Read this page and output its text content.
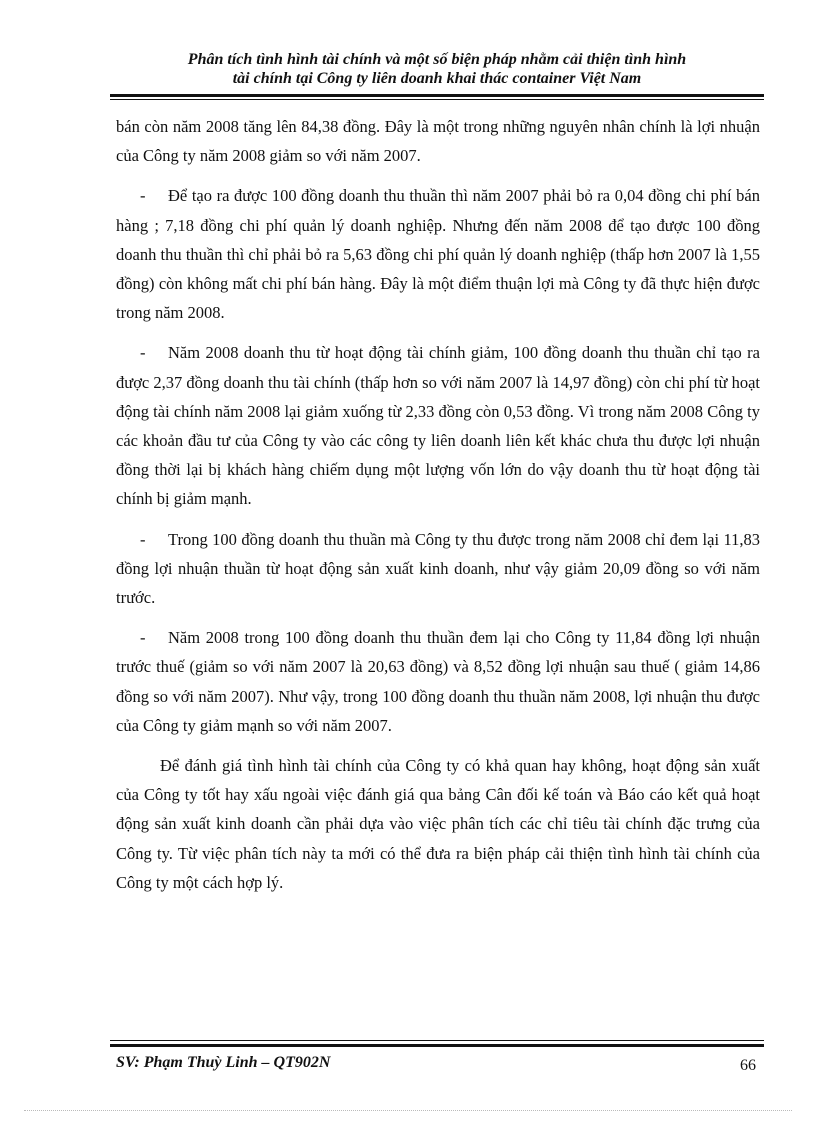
Phân tích tình hình tài chính và một số biện pháp nhằm cải thiện tình hình
tài chính tại Công ty liên doanh khai thác container Việt Nam

bán còn năm 2008 tăng lên 84,38 đồng. Đây là một trong những nguyên nhân chính là lợi nhuận của Công ty năm 2008 giảm so với năm 2007.

- Để tạo ra được 100 đồng doanh thu thuần thì năm 2007 phải bỏ ra 0,04 đồng chi phí bán hàng ; 7,18 đồng chi phí quản lý doanh nghiệp. Nhưng đến năm 2008 để tạo được 100 đồng doanh thu thuần thì chỉ phải bỏ ra 5,63 đồng chi phí quản lý doanh nghiệp (thấp hơn 2007 là 1,55 đồng) còn không mất chi phí bán hàng. Đây là một điểm thuận lợi mà Công ty đã thực hiện được trong năm 2008.

- Năm 2008 doanh thu từ hoạt động tài chính giảm, 100 đồng doanh thu thuần chỉ tạo ra được 2,37 đồng doanh thu tài chính (thấp hơn so với năm 2007 là 14,97 đồng) còn chi phí từ hoạt động tài chính năm 2008 lại giảm xuống từ 2,33 đồng còn 0,53 đồng. Vì trong năm 2008 Công ty các khoản đầu tư của Công ty vào các công ty liên doanh liên kết khác chưa thu được lợi nhuận đồng thời lại bị khách hàng chiếm dụng một lượng vốn lớn do vậy doanh thu từ hoạt động tài chính bị giảm mạnh.

- Trong 100 đồng doanh thu thuần mà Công ty thu được trong năm 2008 chỉ đem lại 11,83 đồng lợi nhuận thuần từ hoạt động sản xuất kinh doanh, như vậy giảm 20,09 đồng so với năm trước.

- Năm 2008 trong 100 đồng doanh thu thuần đem lại cho Công ty 11,84 đồng lợi nhuận trước thuế (giảm so với năm 2007 là 20,63 đồng) và 8,52 đồng lợi nhuận sau thuế ( giảm 14,86 đồng so với năm 2007). Như vậy, trong 100 đồng doanh thu thuần năm 2008, lợi nhuận thu được của Công ty giảm mạnh so với năm 2007.

Để đánh giá tình hình tài chính của Công ty có khả quan hay không, hoạt động sản xuất của Công ty tốt hay xấu ngoài việc đánh giá qua bảng Cân đối kế toán và Báo cáo kết quả hoạt động sản xuất kinh doanh cần phải dựa vào việc phân tích các chỉ tiêu tài chính đặc trưng của Công ty. Từ việc phân tích này ta mới có thể đưa ra biện pháp cải thiện tình hình tài chính của Công ty một cách hợp lý.

SV: Phạm Thuỳ Linh – QT902N	66
